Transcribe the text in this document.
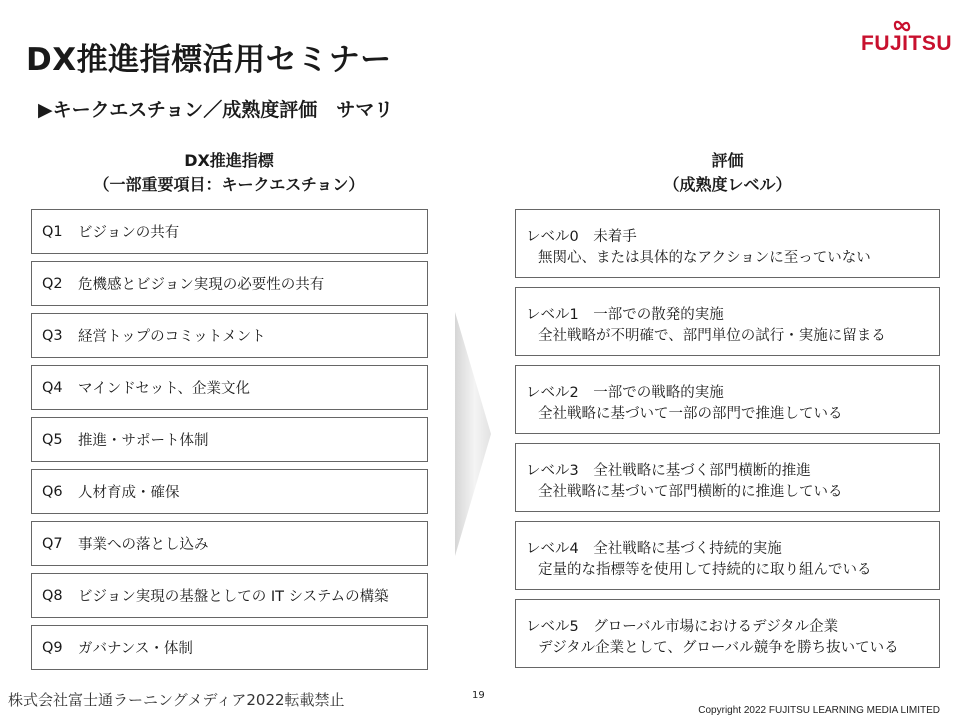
DX推進指標活用セミナー	FUJITSU
▶キークエスチョン／成熟度評価　サマリ
DX推進指標
（一部重要項目：キークエスチョン）
評価
（成熟度レベル）
Q1	ビジョンの共有
Q2	危機感とビジョン実現の必要性の共有
Q3	経営トップのコミットメント
Q4	マインドセット、企業文化
Q5	推進・サポート体制
Q6	人材育成・確保
Q7	事業への落とし込み
Q8	ビジョン実現の基盤としての IT システムの構築
Q9	ガバナンス・体制
レベル0　未着手
無関心、または具体的なアクションに至っていない
レベル1　一部での散発的実施
全社戦略が不明確で、部門単位の試行・実施に留まる
レベル2　一部での戦略的実施
全社戦略に基づいて一部の部門で推進している
レベル3　全社戦略に基づく部門横断的推進
全社戦略に基づいて部門横断的に推進している
レベル4　全社戦略に基づく持続的実施
定量的な指標等を使用して持続的に取り組んでいる
レベル5　グローバル市場におけるデジタル企業
デジタル企業として、グローバル競争を勝ち抜いている
株式会社富士通ラーニングメディア2022転載禁止	19
Copyright 2022 FUJITSU LEARNING MEDIA LIMITED
